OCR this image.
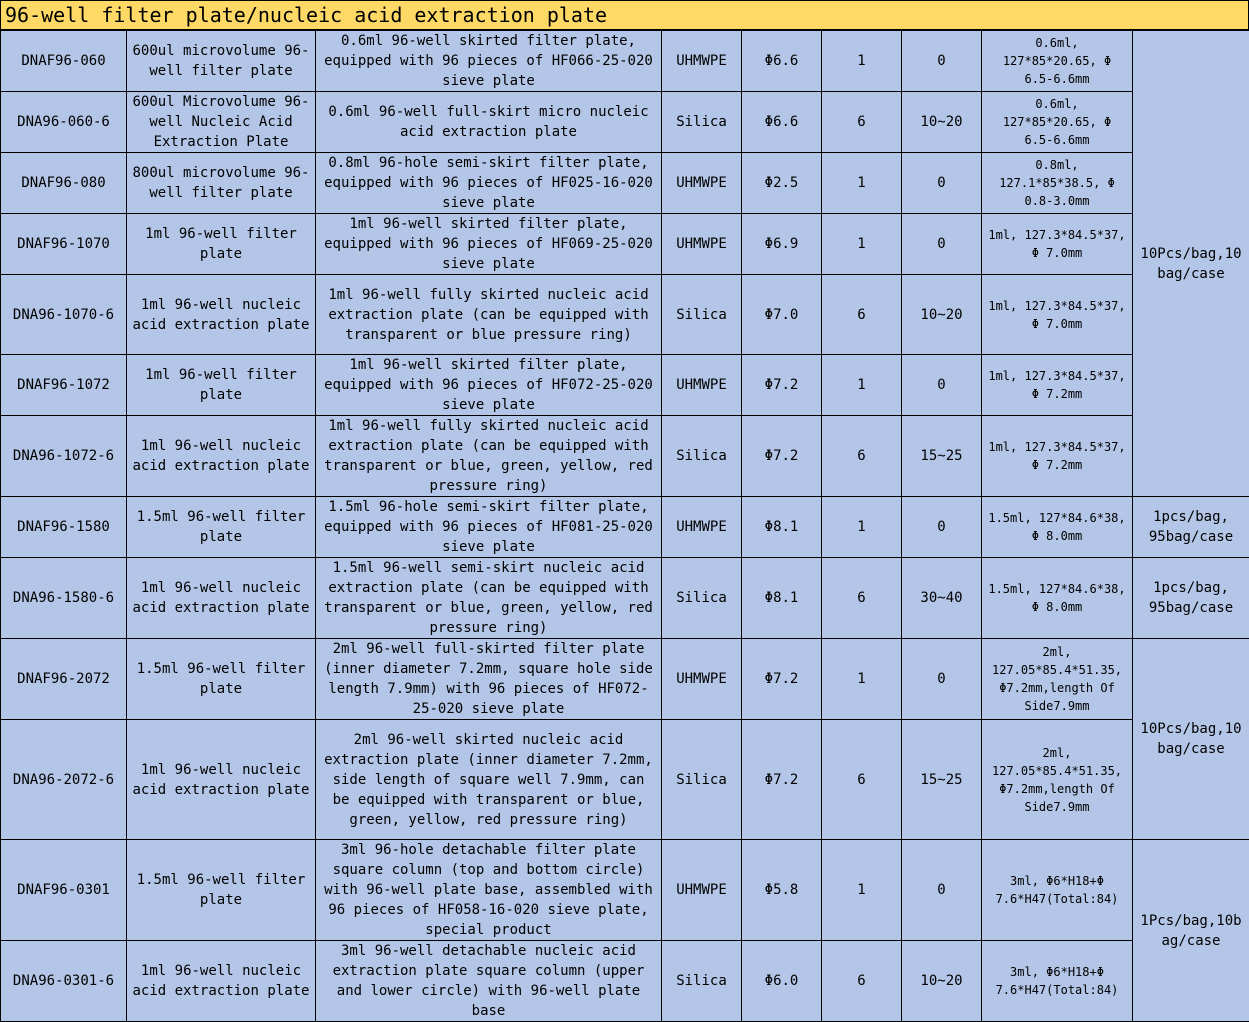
96-well filter plate/nucleic acid extraction plate
DNAF96-060	600ul microvolume 96-well filter plate	0.6ml 96-well skirted filter plate, equipped with 96 pieces of HF066-25-020 sieve plate	UHMWPE	Φ6.6	1	0	0.6ml, 127*85*20.65, Φ 6.5-6.6mm	10Pcs/bag,10 bag/case
DNA96-060-6	600ul Microvolume 96-well Nucleic Acid Extraction Plate	0.6ml 96-well full-skirt micro nucleic acid extraction plate	Silica	Φ6.6	6	10~20	0.6ml, 127*85*20.65, Φ 6.5-6.6mm	
DNAF96-080	800ul microvolume 96-well filter plate	0.8ml 96-hole semi-skirt filter plate, equipped with 96 pieces of HF025-16-020 sieve plate	UHMWPE	Φ2.5	1	0	0.8ml, 127.1*85*38.5, Φ 0.8-3.0mm	
DNAF96-1070	1ml 96-well filter plate	1ml 96-well skirted filter plate, equipped with 96 pieces of HF069-25-020 sieve plate	UHMWPE	Φ6.9	1	0	1ml, 127.3*84.5*37, Φ 7.0mm	
DNA96-1070-6	1ml 96-well nucleic acid extraction plate	1ml 96-well fully skirted nucleic acid extraction plate (can be equipped with transparent or blue pressure ring)	Silica	Φ7.0	6	10~20	1ml, 127.3*84.5*37, Φ 7.0mm	
DNAF96-1072	1ml 96-well filter plate	1ml 96-well skirted filter plate, equipped with 96 pieces of HF072-25-020 sieve plate	UHMWPE	Φ7.2	1	0	1ml, 127.3*84.5*37, Φ 7.2mm	
DNA96-1072-6	1ml 96-well nucleic acid extraction plate	1ml 96-well fully skirted nucleic acid extraction plate (can be equipped with transparent or blue, green, yellow, red pressure ring)	Silica	Φ7.2	6	15~25	1ml, 127.3*84.5*37, Φ 7.2mm	
DNAF96-1580	1.5ml 96-well filter plate	1.5ml 96-hole semi-skirt filter plate, equipped with 96 pieces of HF081-25-020 sieve plate	UHMWPE	Φ8.1	1	0	1.5ml, 127*84.6*38, Φ 8.0mm	1pcs/bag, 95bag/case
DNA96-1580-6	1ml 96-well nucleic acid extraction plate	1.5ml 96-well semi-skirt nucleic acid extraction plate (can be equipped with transparent or blue, green, yellow, red pressure ring)	Silica	Φ8.1	6	30~40	1.5ml, 127*84.6*38, Φ 8.0mm	1pcs/bag, 95bag/case
DNAF96-2072	1.5ml 96-well filter plate	2ml 96-well full-skirted filter plate (inner diameter 7.2mm, square hole side length 7.9mm) with 96 pieces of HF072-25-020 sieve plate	UHMWPE	Φ7.2	1	0	2ml, 127.05*85.4*51.35, Φ7.2mm,length Of Side7.9mm	10Pcs/bag,10 bag/case
DNA96-2072-6	1ml 96-well nucleic acid extraction plate	2ml 96-well skirted nucleic acid extraction plate (inner diameter 7.2mm, side length of square well 7.9mm, can be equipped with transparent or blue, green, yellow, red pressure ring)	Silica	Φ7.2	6	15~25	2ml, 127.05*85.4*51.35, Φ7.2mm,length Of Side7.9mm	
DNAF96-0301	1.5ml 96-well filter plate	3ml 96-hole detachable filter plate square column (top and bottom circle) with 96-well plate base, assembled with 96 pieces of HF058-16-020 sieve plate, special product	UHMWPE	Φ5.8	1	0	3ml, Φ6*H18+Φ 7.6*H47(Total:84)	1Pcs/bag,10b ag/case
DNA96-0301-6	1ml 96-well nucleic acid extraction plate	3ml 96-well detachable nucleic acid extraction plate square column (upper and lower circle) with 96-well plate base	Silica	Φ6.0	6	10~20	3ml, Φ6*H18+Φ 7.6*H47(Total:84)	
